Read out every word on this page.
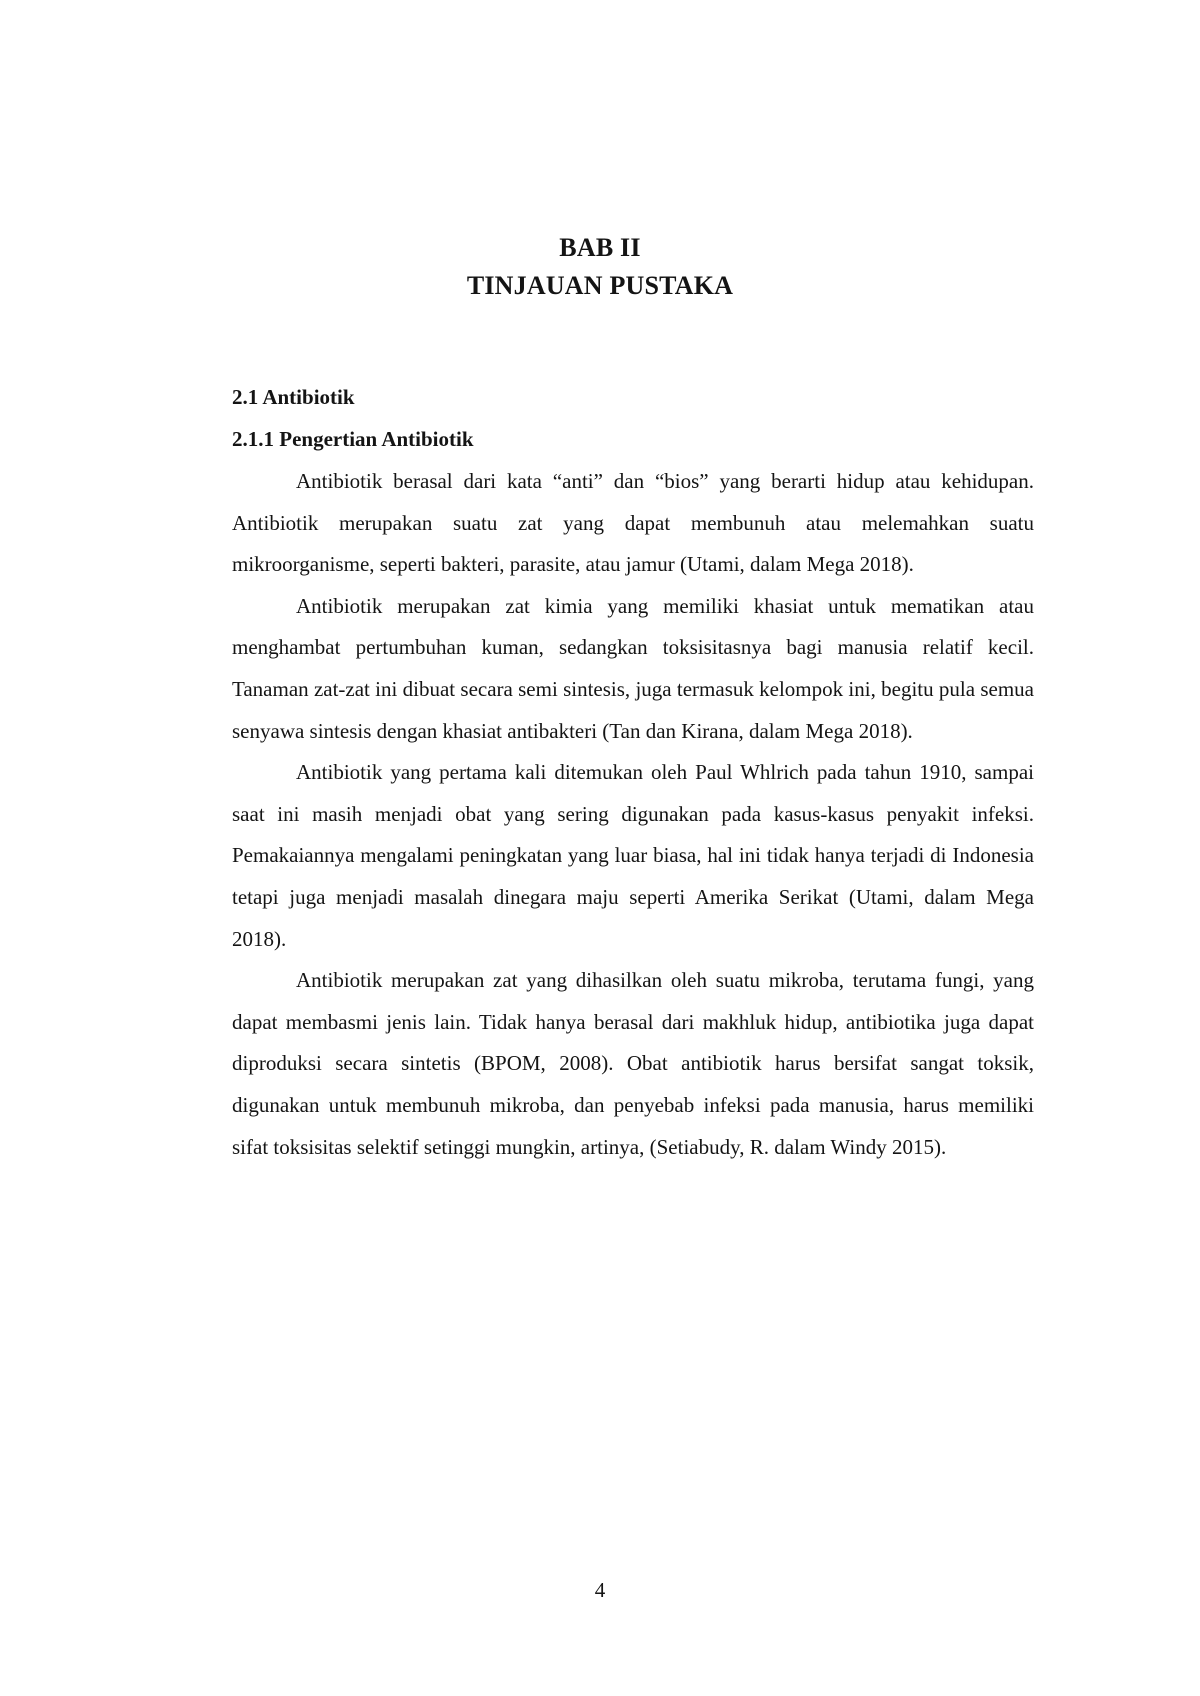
BAB II
TINJAUAN PUSTAKA
2.1 Antibiotik
2.1.1 Pengertian Antibiotik

Antibiotik berasal dari kata “anti” dan “bios” yang berarti hidup atau kehidupan. Antibiotik merupakan suatu zat yang dapat membunuh atau melemahkan suatu mikroorganisme, seperti bakteri, parasite, atau jamur (Utami, dalam Mega 2018).

Antibiotik merupakan zat kimia yang memiliki khasiat untuk mematikan atau menghambat pertumbuhan kuman, sedangkan toksisitasnya bagi manusia relatif kecil. Tanaman zat-zat ini dibuat secara semi sintesis, juga termasuk kelompok ini, begitu pula semua senyawa sintesis dengan khasiat antibakteri (Tan dan Kirana, dalam Mega 2018).

Antibiotik yang pertama kali ditemukan oleh Paul Whlrich pada tahun 1910, sampai saat ini masih menjadi obat yang sering digunakan pada kasus-kasus penyakit infeksi. Pemakaiannya mengalami peningkatan yang luar biasa, hal ini tidak hanya terjadi di Indonesia tetapi juga menjadi masalah dinegara maju seperti Amerika Serikat (Utami, dalam Mega 2018).

Antibiotik merupakan zat yang dihasilkan oleh suatu mikroba, terutama fungi, yang dapat membasmi jenis lain. Tidak hanya berasal dari makhluk hidup, antibiotika juga dapat diproduksi secara sintetis (BPOM, 2008). Obat antibiotik harus bersifat sangat toksik, digunakan untuk membunuh mikroba, dan penyebab infeksi pada manusia, harus memiliki sifat toksisitas selektif setinggi mungkin, artinya, (Setiabudy, R. dalam Windy 2015).

4
